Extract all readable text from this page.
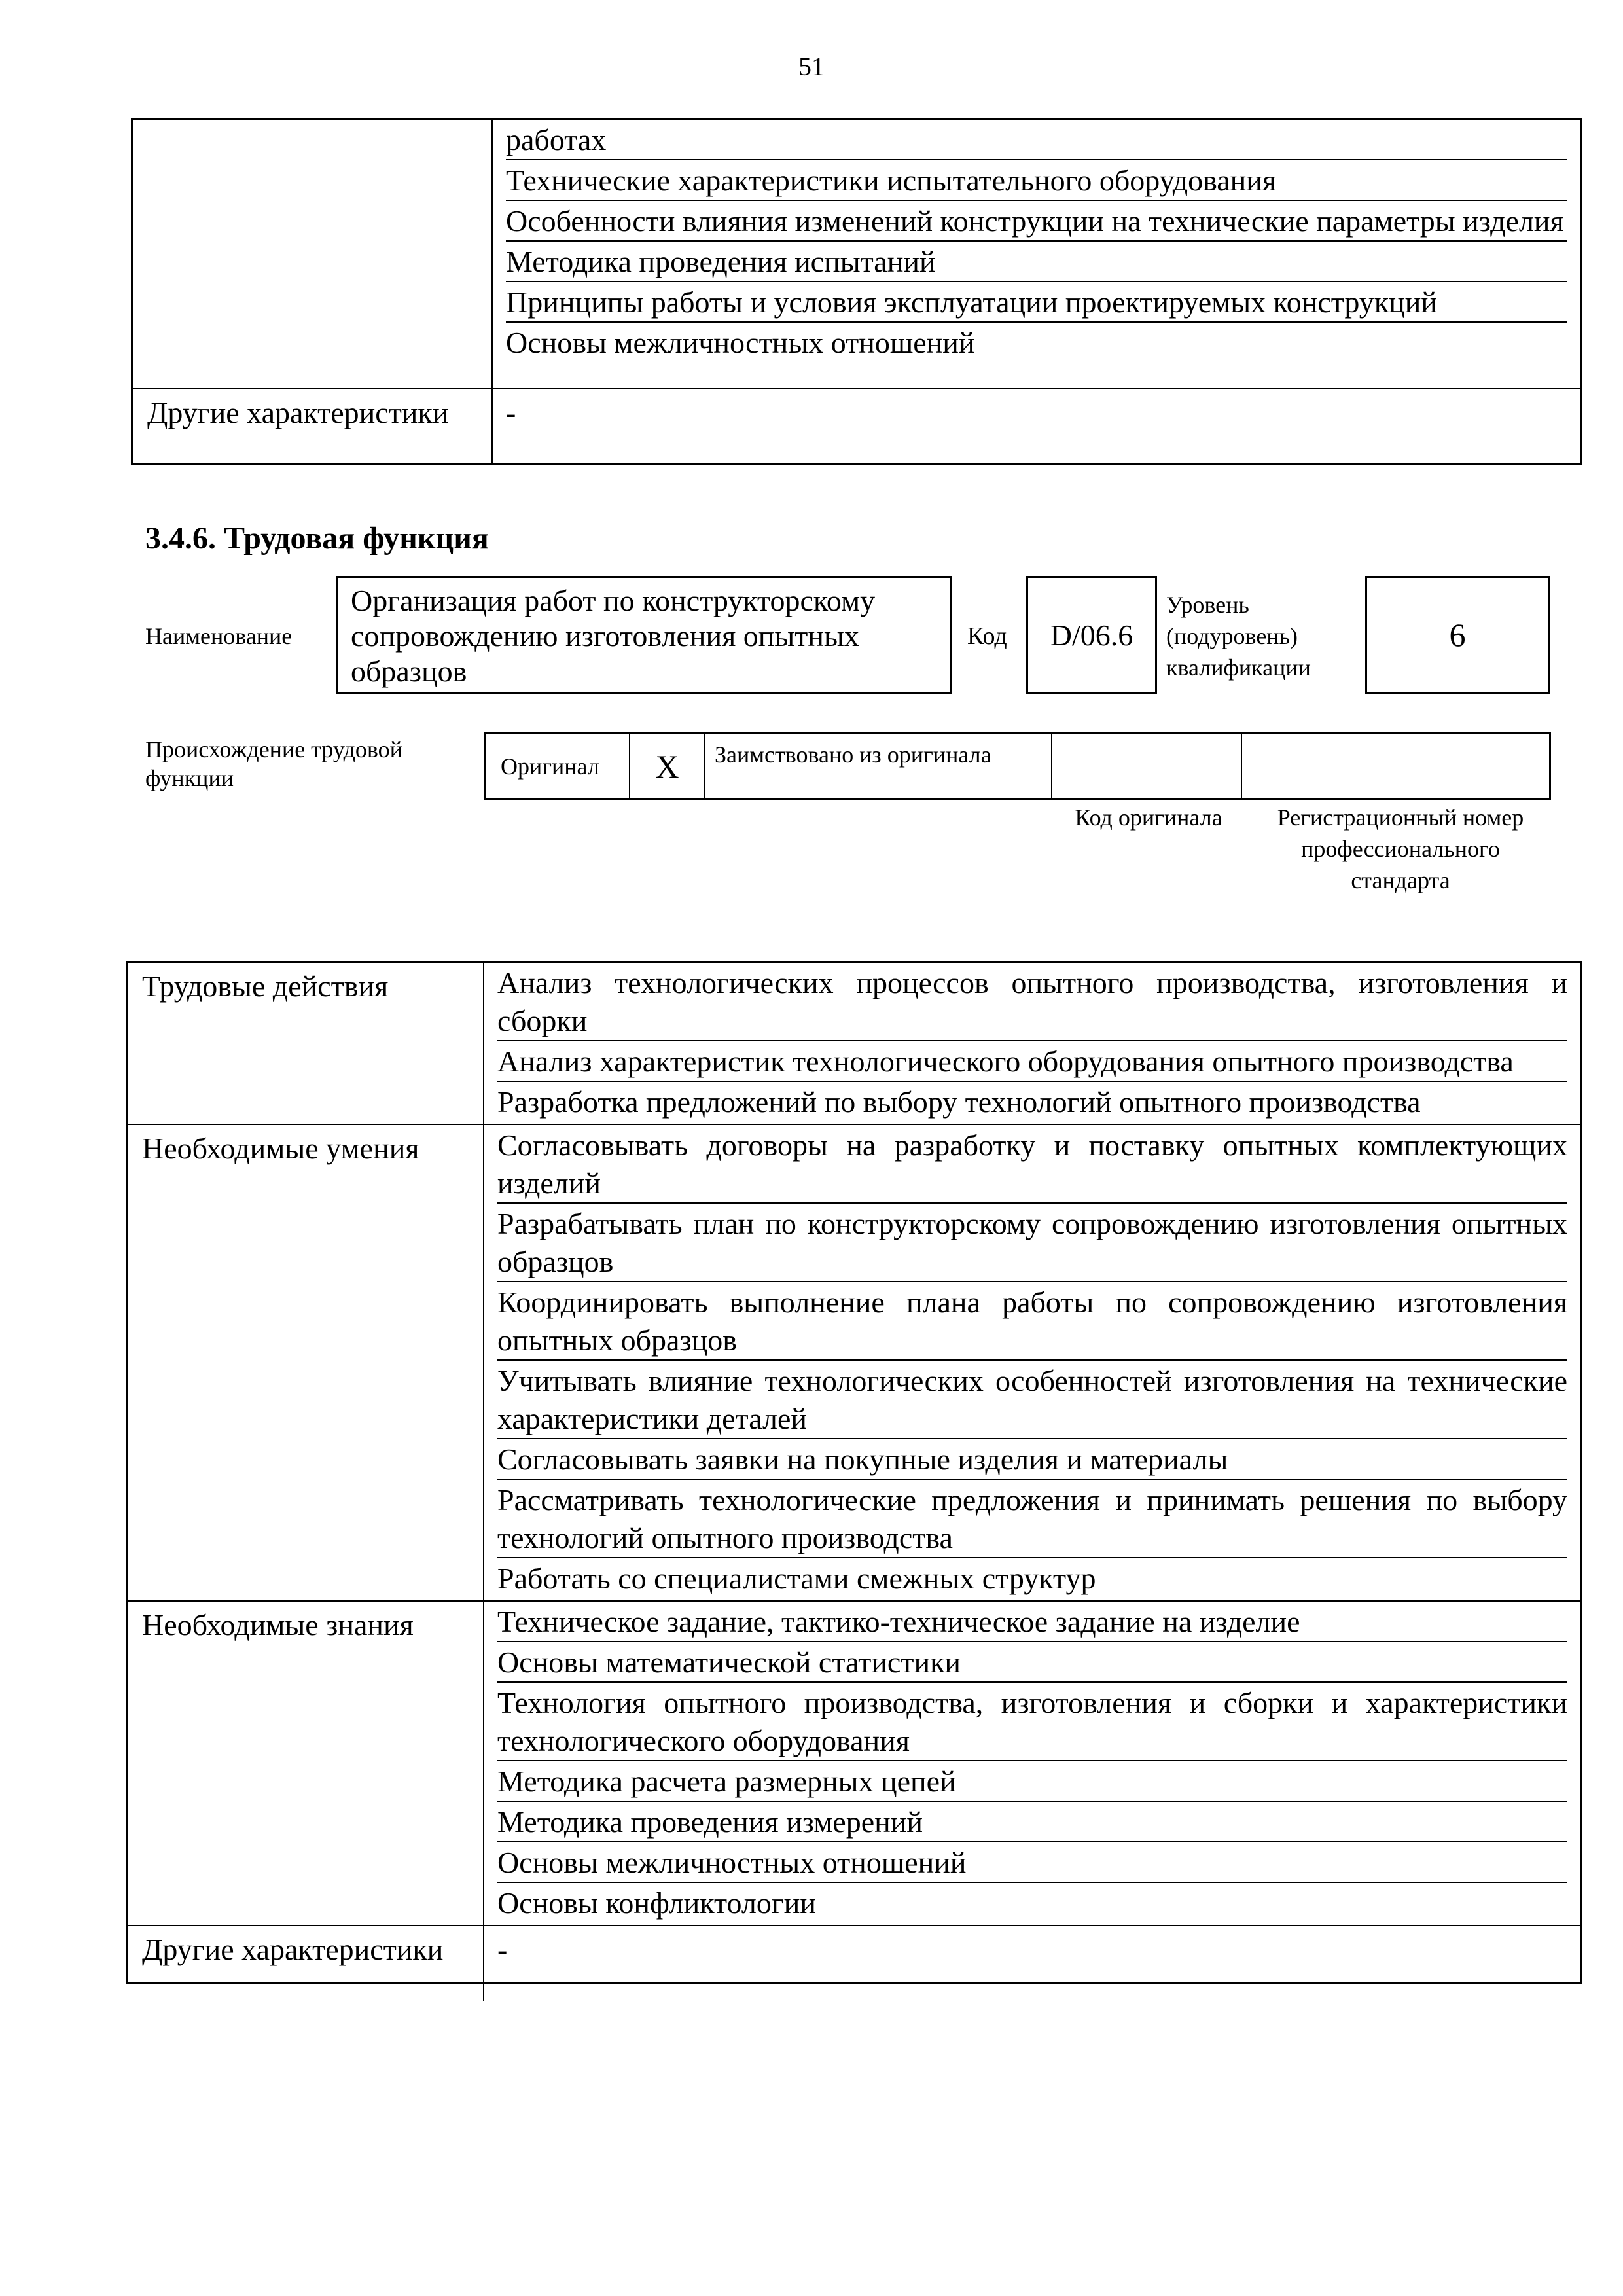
51
работах
Технические характеристики испытательного оборудования
Особенности влияния изменений конструкции на технические параметры изделия
Методика проведения испытаний
Принципы работы и условия эксплуатации проектируемых конструкций
Основы межличностных отношений
Другие характеристики	-
3.4.6. Трудовая функция
Наименование
Организация работ по конструкторскому сопровождению изготовления опытных образцов
Код	D/06.6
Уровень
(подуровень)
квалификации
6
Происхождение трудовой функции	Оригинал	X	Заимствовано из оригинала
Код оригинала	Регистрационный номер профессионального стандарта
Трудовые действия	Анализ технологических процессов опытного производства, изготовления и сборки
Анализ характеристик технологического оборудования опытного производства
Разработка предложений по выбору технологий опытного производства
Необходимые умения	Согласовывать договоры на разработку и поставку опытных комплектующих изделий
Разрабатывать план по конструкторскому сопровождению изготовления опытных образцов
Координировать выполнение плана работы по сопровождению изготовления опытных образцов
Учитывать влияние технологических особенностей изготовления на технические характеристики деталей
Согласовывать заявки на покупные изделия и материалы
Рассматривать технологические предложения и принимать решения по выбору технологий опытного производства
Работать со специалистами смежных структур
Необходимые знания	Техническое задание, тактико-техническое задание на изделие
Основы математической статистики
Технология опытного производства, изготовления и сборки и характеристики технологического оборудования
Методика расчета размерных цепей
Методика проведения измерений
Основы межличностных отношений
Основы конфликтологии
Другие характеристики	-
